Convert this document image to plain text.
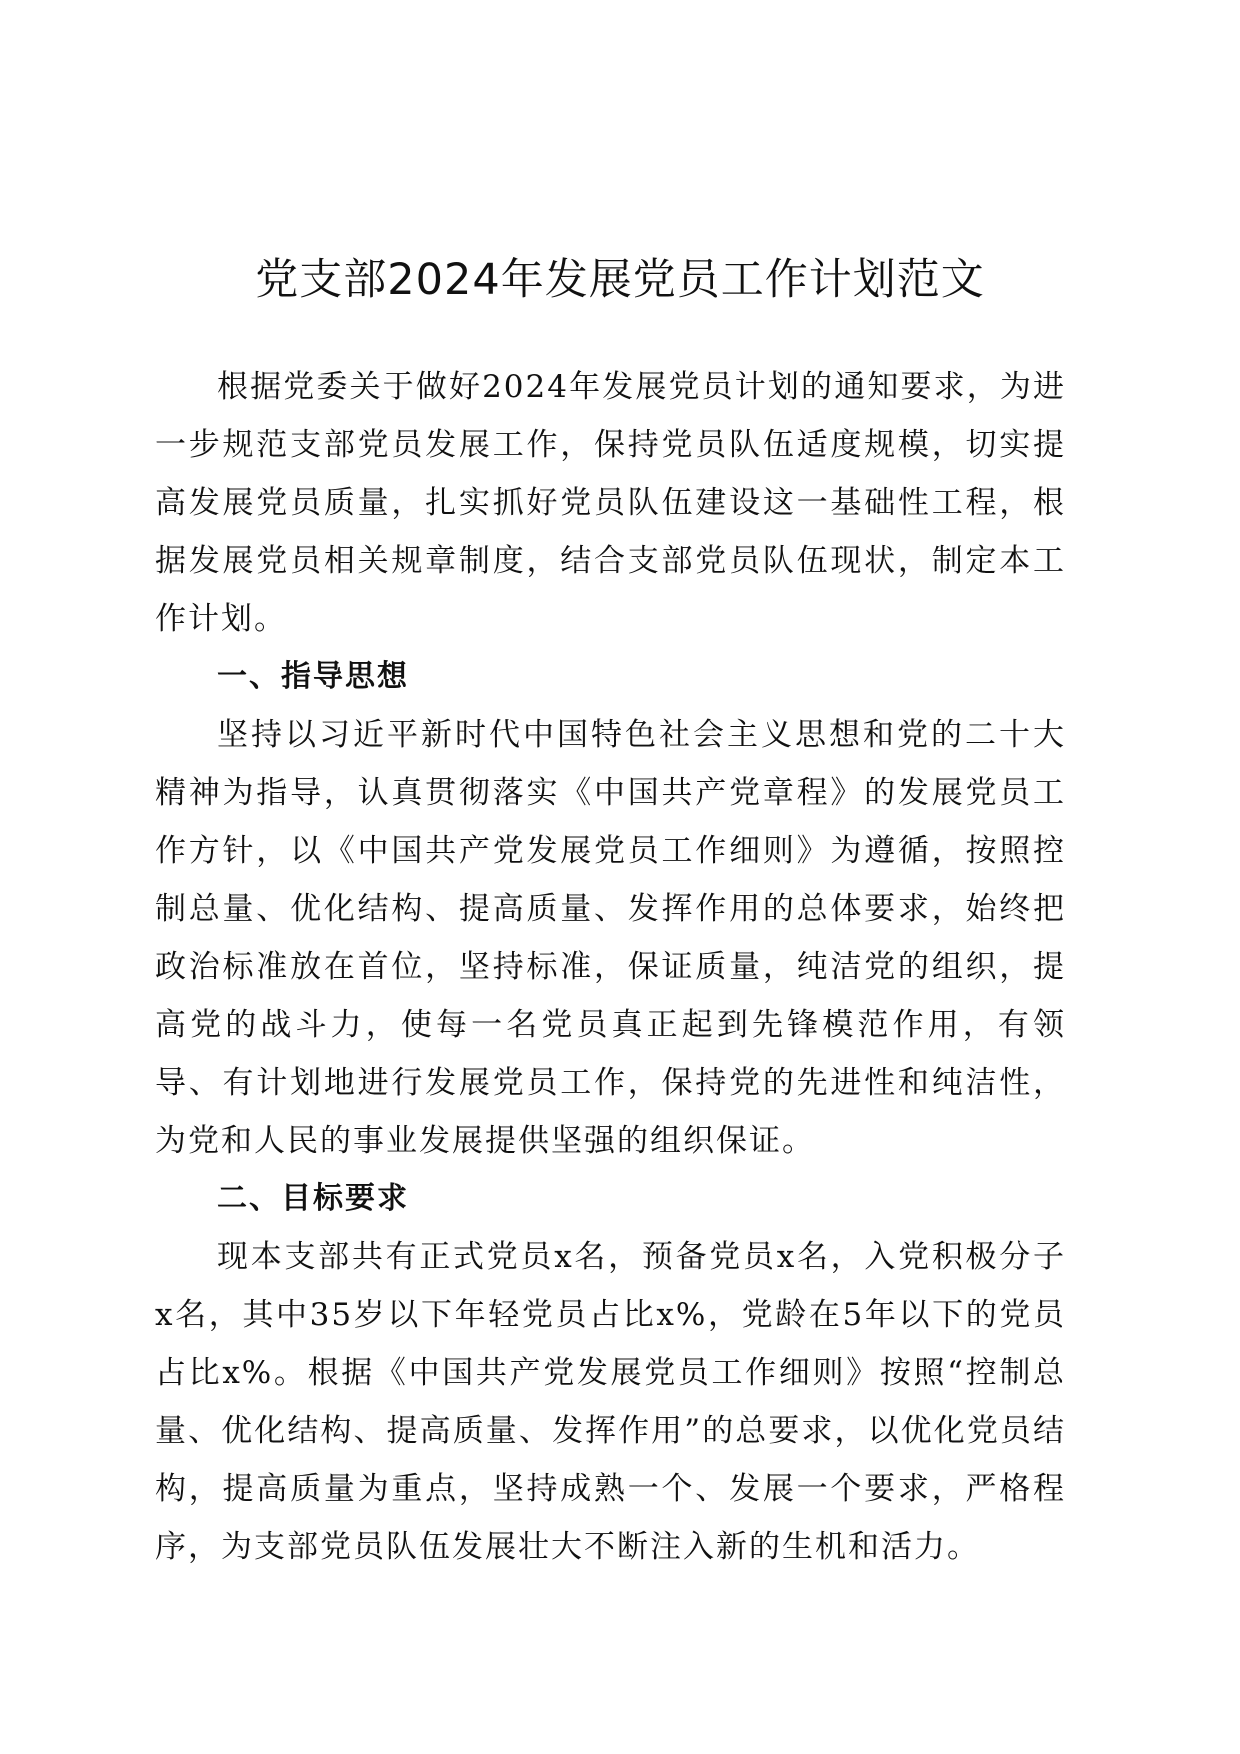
党支部2024年发展党员工作计划范文

根据党委关于做好2024年发展党员计划的通知要求，为进一步规范支部党员发展工作，保持党员队伍适度规模，切实提高发展党员质量，扎实抓好党员队伍建设这一基础性工程，根据发展党员相关规章制度，结合支部党员队伍现状，制定本工作计划。

一、指导思想

坚持以习近平新时代中国特色社会主义思想和党的二十大精神为指导，认真贯彻落实《中国共产党章程》的发展党员工作方针，以《中国共产党发展党员工作细则》为遵循，按照控制总量、优化结构、提高质量、发挥作用的总体要求，始终把政治标准放在首位，坚持标准，保证质量，纯洁党的组织，提高党的战斗力，使每一名党员真正起到先锋模范作用，有领导、有计划地进行发展党员工作，保持党的先进性和纯洁性，为党和人民的事业发展提供坚强的组织保证。

二、目标要求

现本支部共有正式党员x名，预备党员x名，入党积极分子x名，其中35岁以下年轻党员占比x%，党龄在5年以下的党员占比x%。根据《中国共产党发展党员工作细则》按照“控制总量、优化结构、提高质量、发挥作用”的总要求，以优化党员结构，提高质量为重点，坚持成熟一个、发展一个要求，严格程序，为支部党员队伍发展壮大不断注入新的生机和活力。
